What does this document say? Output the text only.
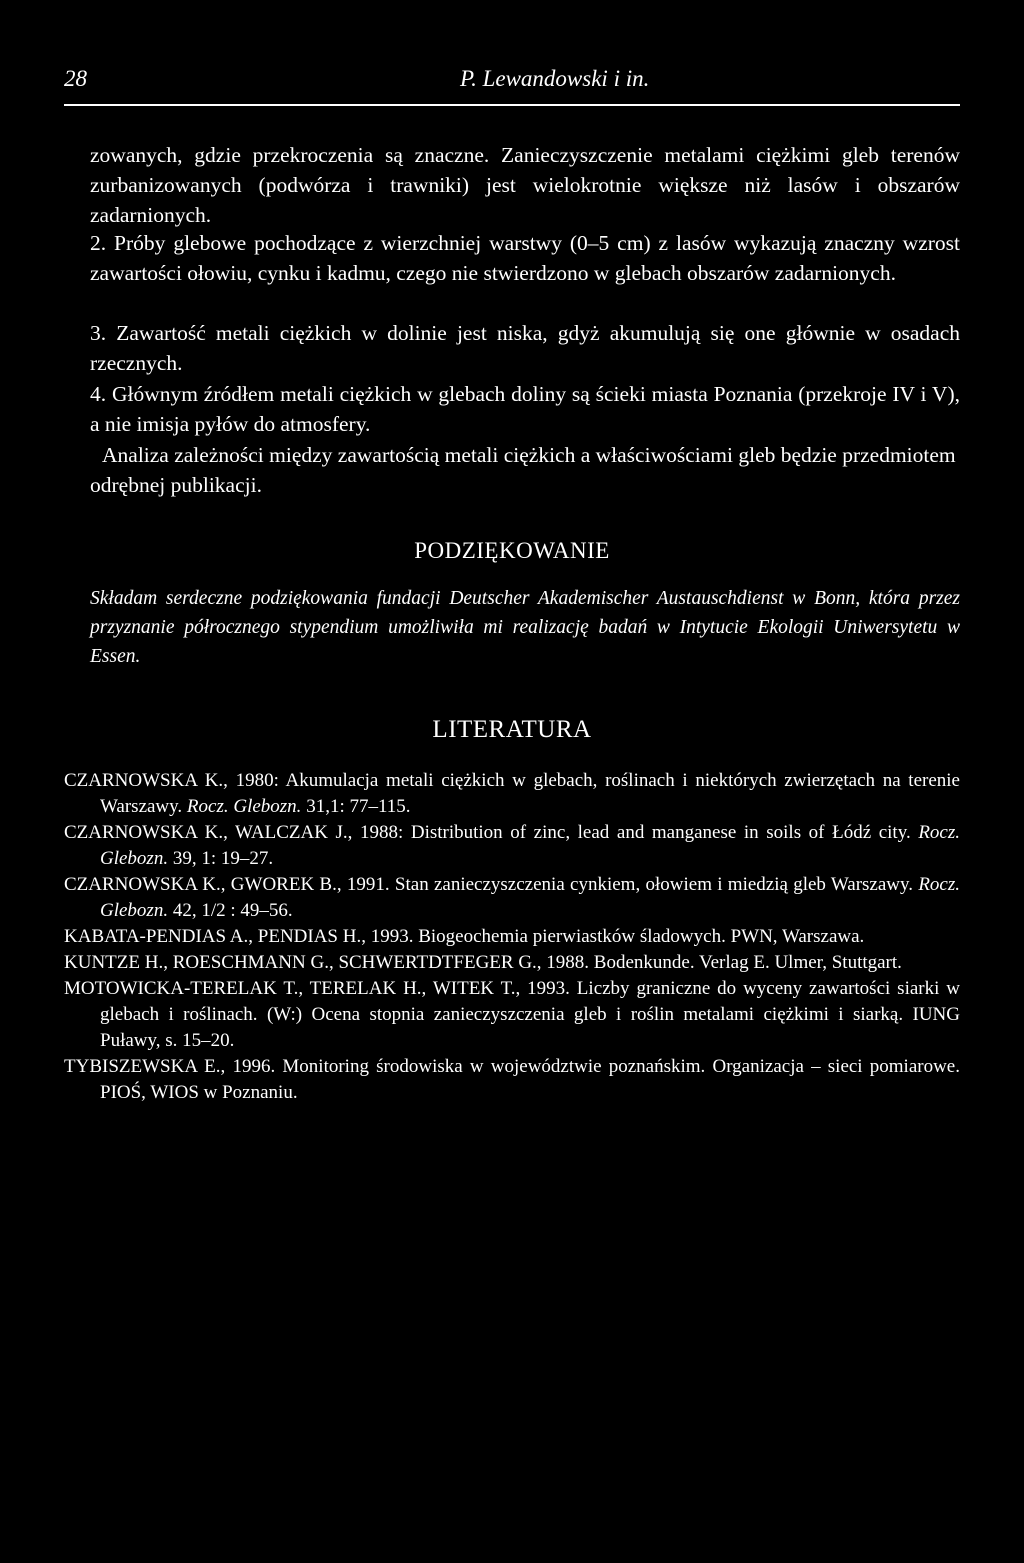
28	P. Lewandowski i in.
zowanych, gdzie przekroczenia są znaczne. Zanieczyszczenie metalami ciężkimi gleb terenów zurbanizowanych (podwórza i trawniki) jest wielokrotnie większe niż lasów i obszarów zadarnionych.
2. Próby glebowe pochodzące z wierzchniej warstwy (0–5 cm) z lasów wykazują znaczny wzrost zawartości ołowiu, cynku i kadmu, czego nie stwierdzono w glebach obszarów zadarnionych.
3. Zawartość metali ciężkich w dolinie jest niska, gdyż akumulują się one głównie w osadach rzecznych.
4. Głównym źródłem metali ciężkich w glebach doliny są ścieki miasta Poznania (przekroje IV i V), a nie imisja pyłów do atmosfery.
Analiza zależności między zawartością metali ciężkich a właściwościami gleb będzie przedmiotem odrębnej publikacji.
PODZIĘKOWANIE
Składam serdeczne podziękowania fundacji Deutscher Akademischer Austauschdienst w Bonn, która przez przyznanie półrocznego stypendium umożliwiła mi realizację badań w Intytucie Ekologii Uniwersytetu w Essen.
LITERATURA

CZARNOWSKA K., 1980: Akumulacja metali ciężkich w glebach, roślinach i niektórych zwierzętach na terenie Warszawy. Rocz. Glebozn. 31,1: 77–115.

CZARNOWSKA K., WALCZAK J., 1988: Distribution of zinc, lead and manganese in soils of Łódź city. Rocz. Glebozn. 39, 1: 19–27.

CZARNOWSKA K., GWOREK B., 1991. Stan zanieczyszczenia cynkiem, ołowiem i miedzią gleb Warszawy. Rocz. Glebozn. 42, 1/2 : 49–56.

KABATA-PENDIAS A., PENDIAS H., 1993. Biogeochemia pierwiastków śladowych. PWN, Warszawa.

KUNTZE H., ROESCHMANN G., SCHWERTDTFEGER G., 1988. Bodenkunde. Verlag E. Ulmer, Stuttgart.

MOTOWICKA-TERELAK T., TERELAK H., WITEK T., 1993. Liczby graniczne do wyceny zawartości siarki w glebach i roślinach. (W:) Ocena stopnia zanieczyszczenia gleb i roślin metalami ciężkimi i siarką. IUNG Puławy, s. 15–20.

TYBISZEWSKA E., 1996. Monitoring środowiska w województwie poznańskim. Organizacja – sieci pomiarowe. PIOŚ, WIOS w Poznaniu.
